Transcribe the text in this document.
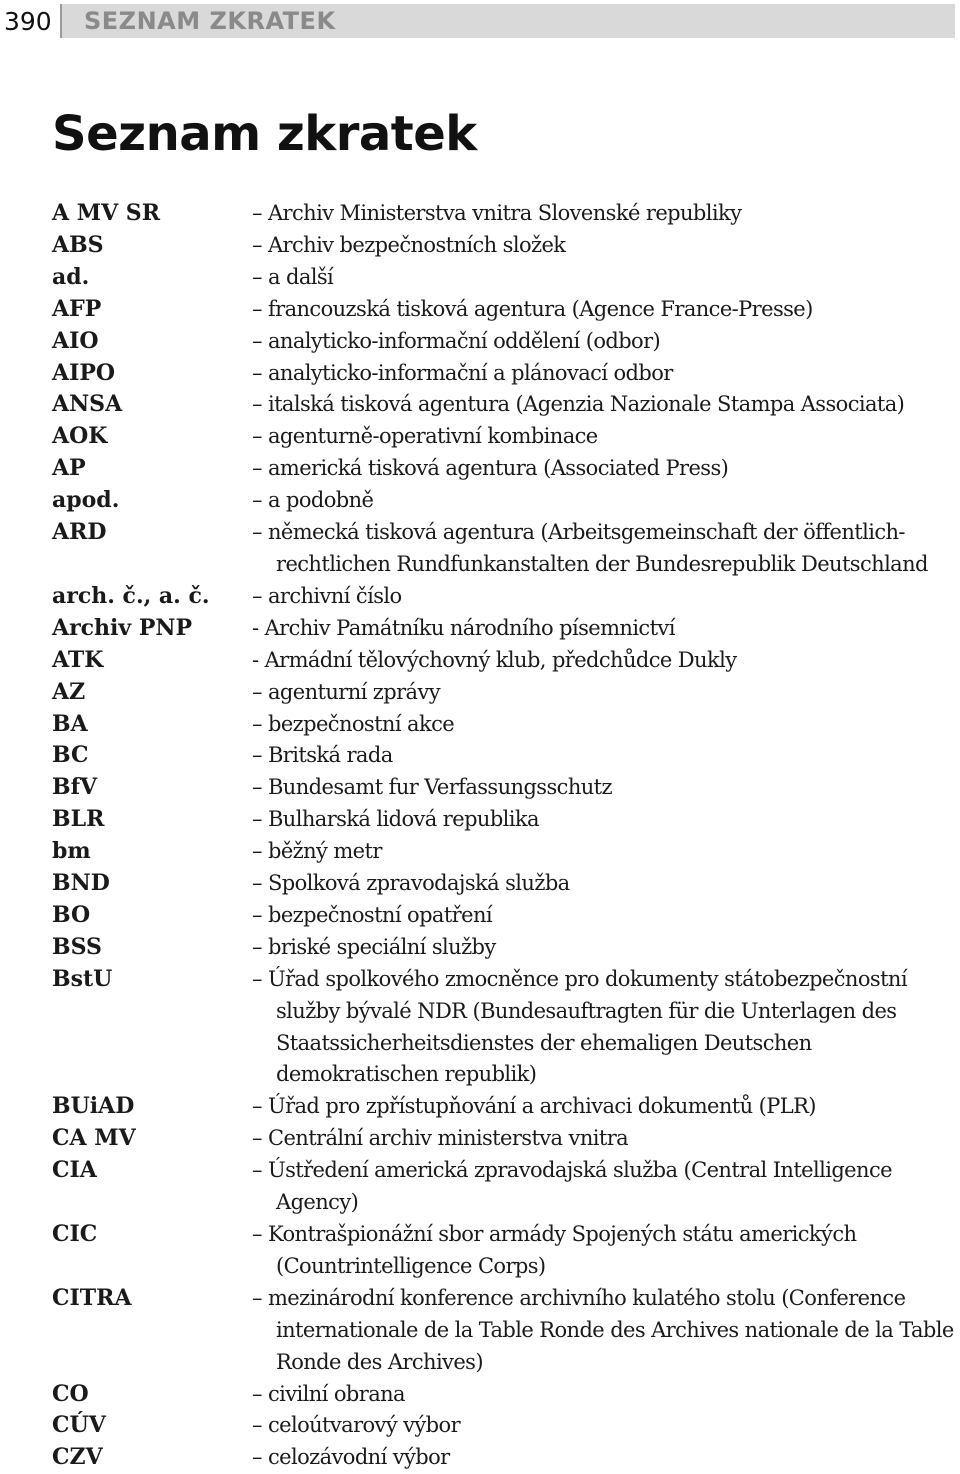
390	SEZNAM ZKRATEK
Seznam zkratek
A MV SR	– Archiv Ministerstva vnitra Slovenské republiky
ABS	– Archiv bezpečnostních složek
ad.	– a další
AFP	– francouzská tisková agentura (Agence France-Presse)
AIO	– analyticko-informační oddělení (odbor)
AIPO	– analyticko-informační a plánovací odbor
ANSA	– italská tisková agentura (Agenzia Nazionale Stampa Associata)
AOK	– agenturně-operativní kombinace
AP	– americká tisková agentura (Associated Press)
apod.	– a podobně
ARD	– německá tisková agentura (Arbeitsgemeinschaft der öffentlich-rechtlichen Rundfunkanstalten der Bundesrepublik Deutschland
arch. č., a. č.	– archivní číslo
Archiv PNP	- Archiv Památníku národního písemnictví
ATK	- Armádní tělovýchovný klub, předchůdce Dukly
AZ	– agenturní zprávy
BA	– bezpečnostní akce
BC	– Britská rada
BfV	– Bundesamt fur Verfassungsschutz
BLR	– Bulharská lidová republika
bm	– běžný metr
BND	– Spolková zpravodajská služba
BO	– bezpečnostní opatření
BSS	– briské speciální služby
BstU	– Úřad spolkového zmocněnce pro dokumenty státobezpečnostní služby bývalé NDR (Bundesauftragten für die Unterlagen des Staatssicherheitsdienstes der ehemaligen Deutschen demokratischen republik)
BUiAD	– Úřad pro zpřístupňování a archivaci dokumentů (PLR)
CA MV	– Centrální archiv ministerstva vnitra
CIA	– Ústředení americká zpravodajská služba (Central Intelligence Agency)
CIC	– Kontrašpionážní sbor armády Spojených státu amerických (Countrintelligence Corps)
CITRA	– mezinárodní konference archivního kulatého stolu (Conference internationale de la Table Ronde des Archives nationale de la Table Ronde des Archives)
CO	– civilní obrana
CÚV	– celoútvarový výbor
CZV	– celozávodní výbor
